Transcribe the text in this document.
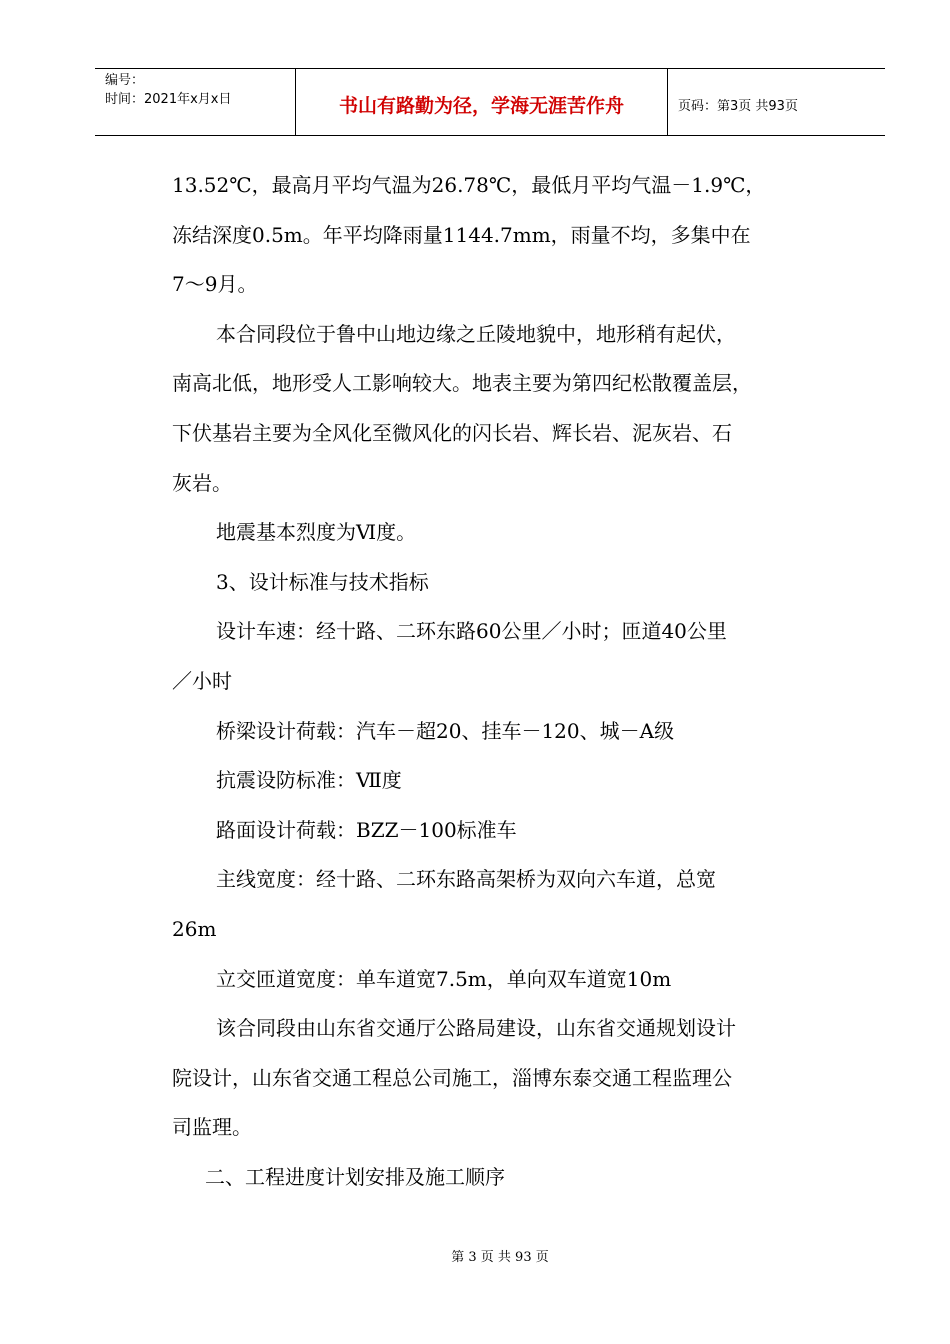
编号：
时间：2021年x月x日	书山有路勤为径，学海无涯苦作舟	页码：第3页 共93页

13.52℃，最高月平均气温为26.78℃，最低月平均气温－1.9℃，

冻结深度0.5m。年平均降雨量1144.7mm，雨量不均，多集中在

7～9月。

本合同段位于鲁中山地边缘之丘陵地貌中，地形稍有起伏，

南高北低，地形受人工影响较大。地表主要为第四纪松散覆盖层，

下伏基岩主要为全风化至微风化的闪长岩、辉长岩、泥灰岩、石

灰岩。

地震基本烈度为Ⅵ度。

3、设计标准与技术指标

设计车速：经十路、二环东路60公里／小时；匝道40公里

／小时

桥梁设计荷载：汽车－超20、挂车－120、城－A级

抗震设防标准：Ⅶ度

路面设计荷载：BZZ－100标准车

主线宽度：经十路、二环东路高架桥为双向六车道，总宽

26m

立交匝道宽度：单车道宽7.5m，单向双车道宽10m

该合同段由山东省交通厅公路局建设，山东省交通规划设计

院设计，山东省交通工程总公司施工，淄博东泰交通工程监理公

司监理。

二、工程进度计划安排及施工顺序

第 3 页 共 93 页
